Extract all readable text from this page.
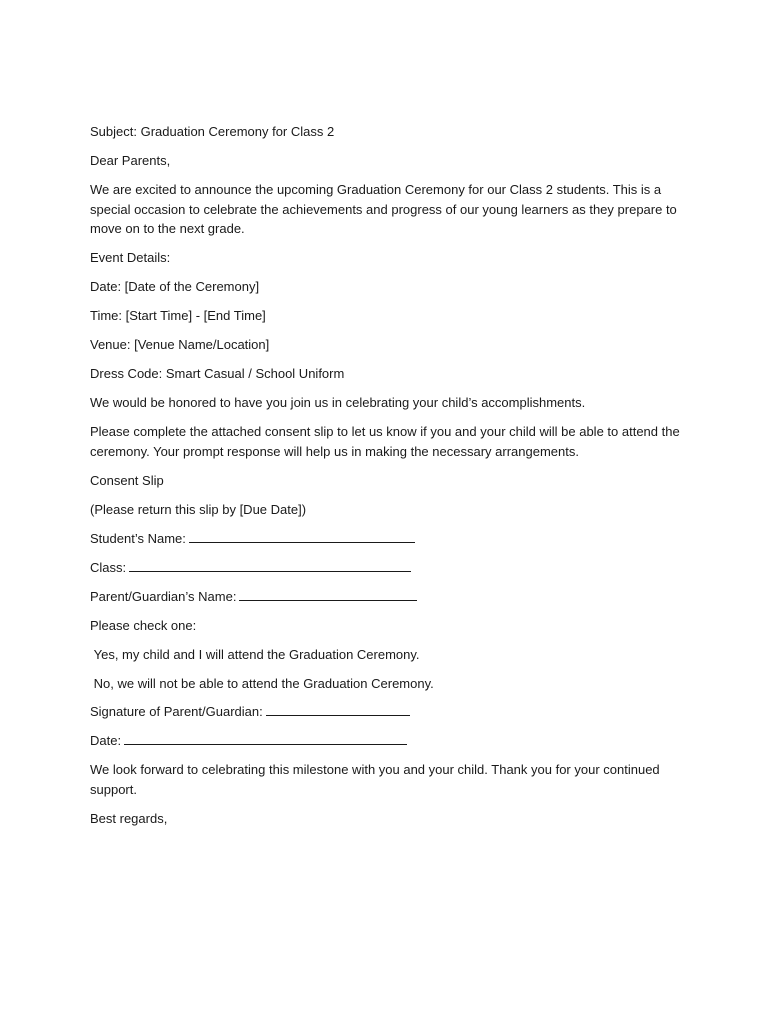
Subject: Graduation Ceremony for Class 2

Dear Parents,

We are excited to announce the upcoming Graduation Ceremony for our Class 2 students. This is a special occasion to celebrate the achievements and progress of our young learners as they prepare to move on to the next grade.

Event Details:

Date: [Date of the Ceremony]

Time: [Start Time] - [End Time]

Venue: [Venue Name/Location]

Dress Code: Smart Casual / School Uniform

We would be honored to have you join us in celebrating your child’s accomplishments.

Please complete the attached consent slip to let us know if you and your child will be able to attend the ceremony. Your prompt response will help us in making the necessary arrangements.

Consent Slip

(Please return this slip by [Due Date])

Student’s Name:

Class:

Parent/Guardian’s Name:

Please check one:

Yes, my child and I will attend the Graduation Ceremony.

No, we will not be able to attend the Graduation Ceremony.

Signature of Parent/Guardian:

Date:

We look forward to celebrating this milestone with you and your child. Thank you for your continued support.

Best regards,
